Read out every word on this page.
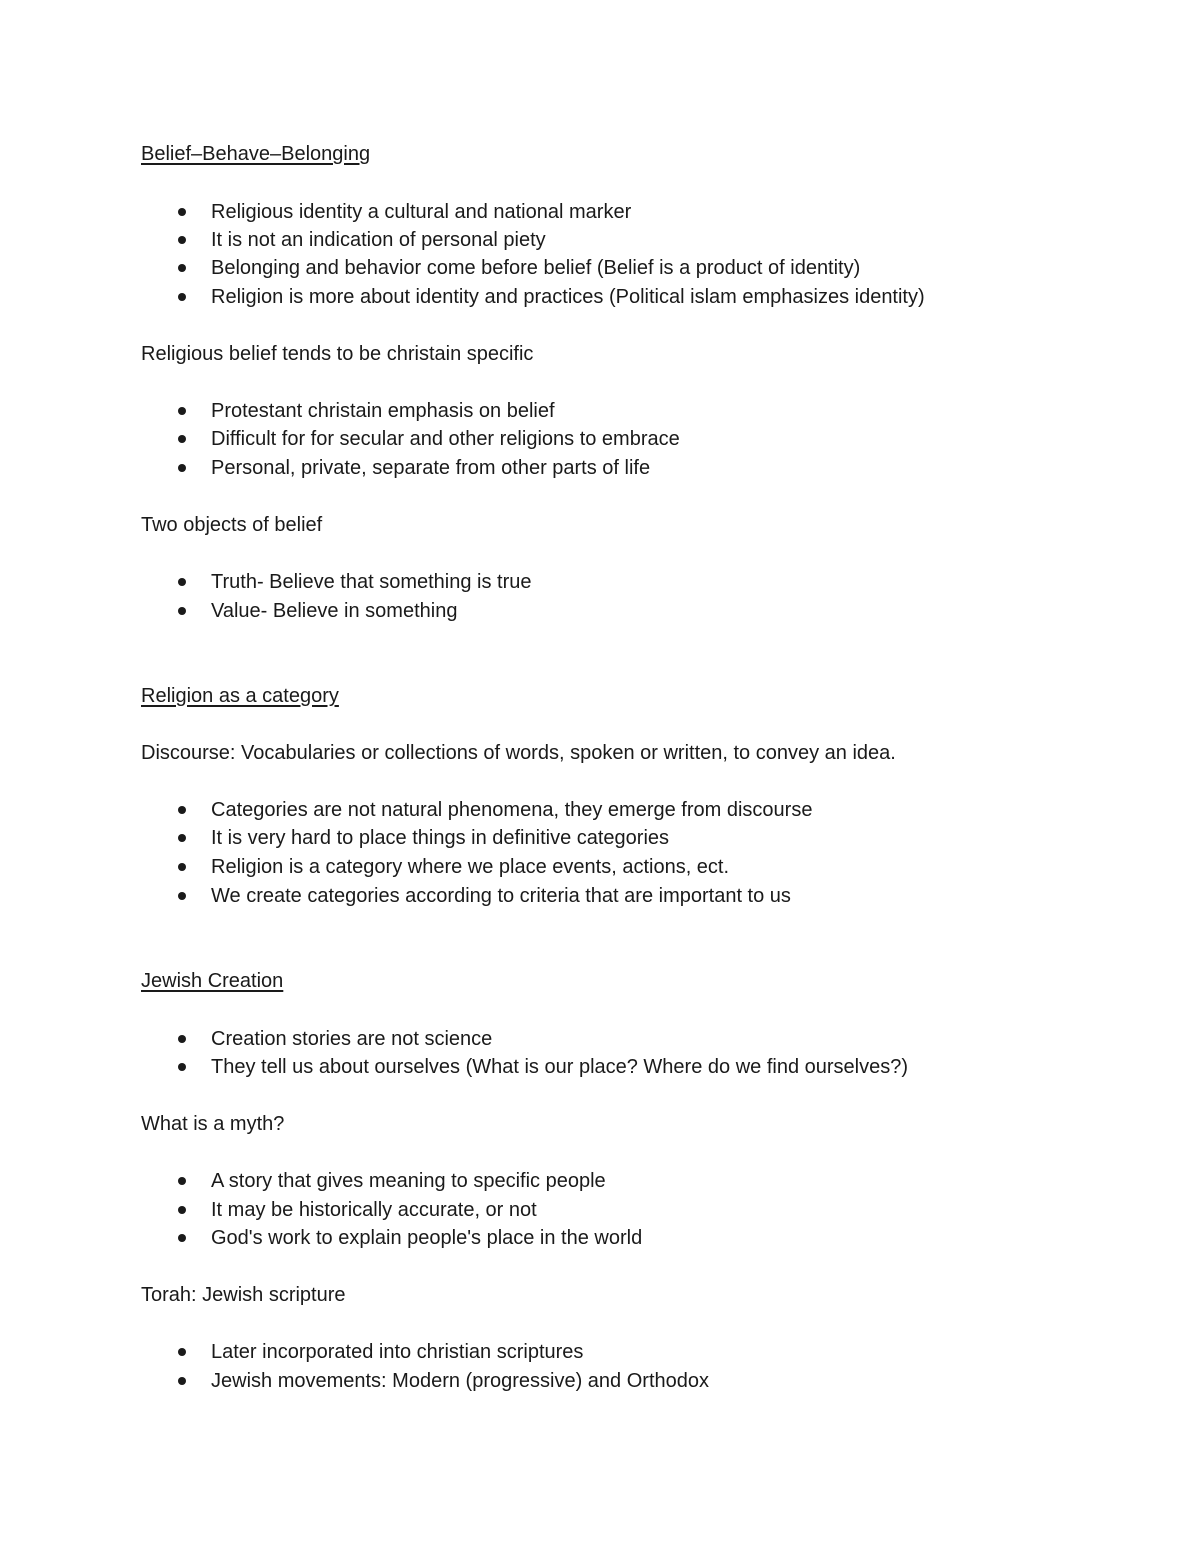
Belief–Behave–Belonging
Religious identity a cultural and national marker
It is not an indication of personal piety
Belonging and behavior come before belief (Belief is a product of identity)
Religion is more about identity and practices (Political islam emphasizes identity)
Religious belief tends to be christain specific
Protestant christain emphasis on belief
Difficult for for secular and other religions to embrace
Personal, private, separate from other parts of life
Two objects of belief
Truth- Believe that something is true
Value- Believe in something
Religion as a category
Discourse: Vocabularies or collections of words, spoken or written, to convey an idea.
Categories are not natural phenomena, they emerge from discourse
It is very hard to place things in definitive categories
Religion is a category where we place events, actions, ect.
We create categories according to criteria that are important to us
Jewish Creation
Creation stories are not science
They tell us about ourselves (What is our place? Where do we find ourselves?)
What is a myth?
A story that gives meaning to specific people
It may be historically accurate, or not
God's work to explain people's place in the world
Torah: Jewish scripture
Later incorporated into christian scriptures
Jewish movements: Modern (progressive) and Orthodox
